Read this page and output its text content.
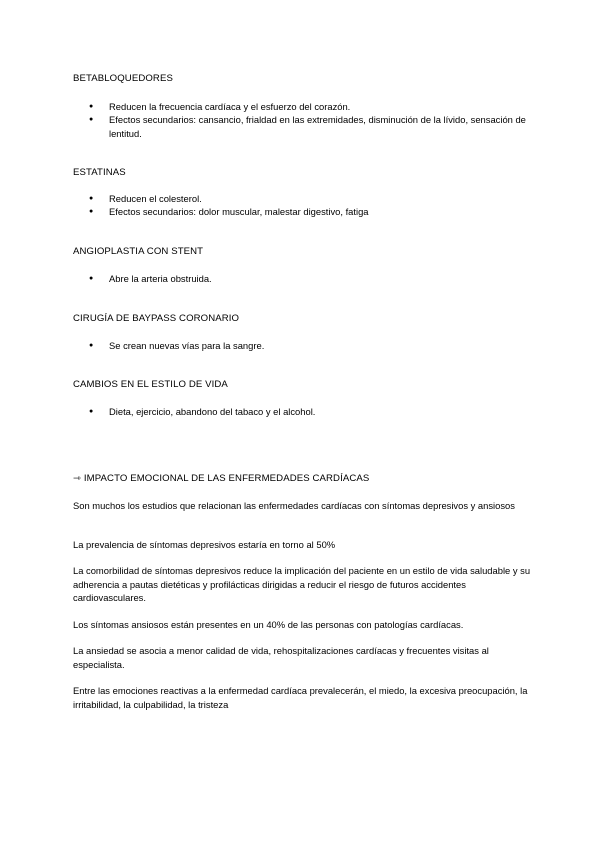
BETABLOQUEDORES
● Reducen la frecuencia cardíaca y el esfuerzo del corazón.
● Efectos secundarios: cansancio, frialdad en las extremidades, disminución de la lívido, sensación de lentitud.
ESTATINAS
● Reducen el colesterol.
● Efectos secundarios: dolor muscular, malestar digestivo, fatiga
ANGIOPLASTIA CON STENT
● Abre la arteria obstruida.
CIRUGÍA DE BAYPASS CORONARIO
● Se crean nuevas vías para la sangre.
CAMBIOS EN EL ESTILO DE VIDA
● Dieta, ejercicio, abandono del tabaco y el alcohol.
⇾ IMPACTO EMOCIONAL DE LAS ENFERMEDADES CARDÍACAS

Son muchos los estudios que relacionan las enfermedades cardíacas con síntomas depresivos y ansiosos

La prevalencia de síntomas depresivos estaría en torno al 50%

La comorbilidad de síntomas depresivos reduce la implicación del paciente en un estilo de vida saludable y su adherencia a pautas dietéticas y profilácticas dirigidas a reducir el riesgo de futuros accidentes cardiovasculares.

Los síntomas ansiosos están presentes en un 40% de las personas con patologías cardíacas.

La ansiedad se asocia a menor calidad de vida, rehospitalizaciones cardíacas y frecuentes visitas al especialista.

Entre las emociones reactivas a la enfermedad cardíaca prevalecerán, el miedo, la excesiva preocupación, la irritabilidad, la culpabilidad, la tristeza
